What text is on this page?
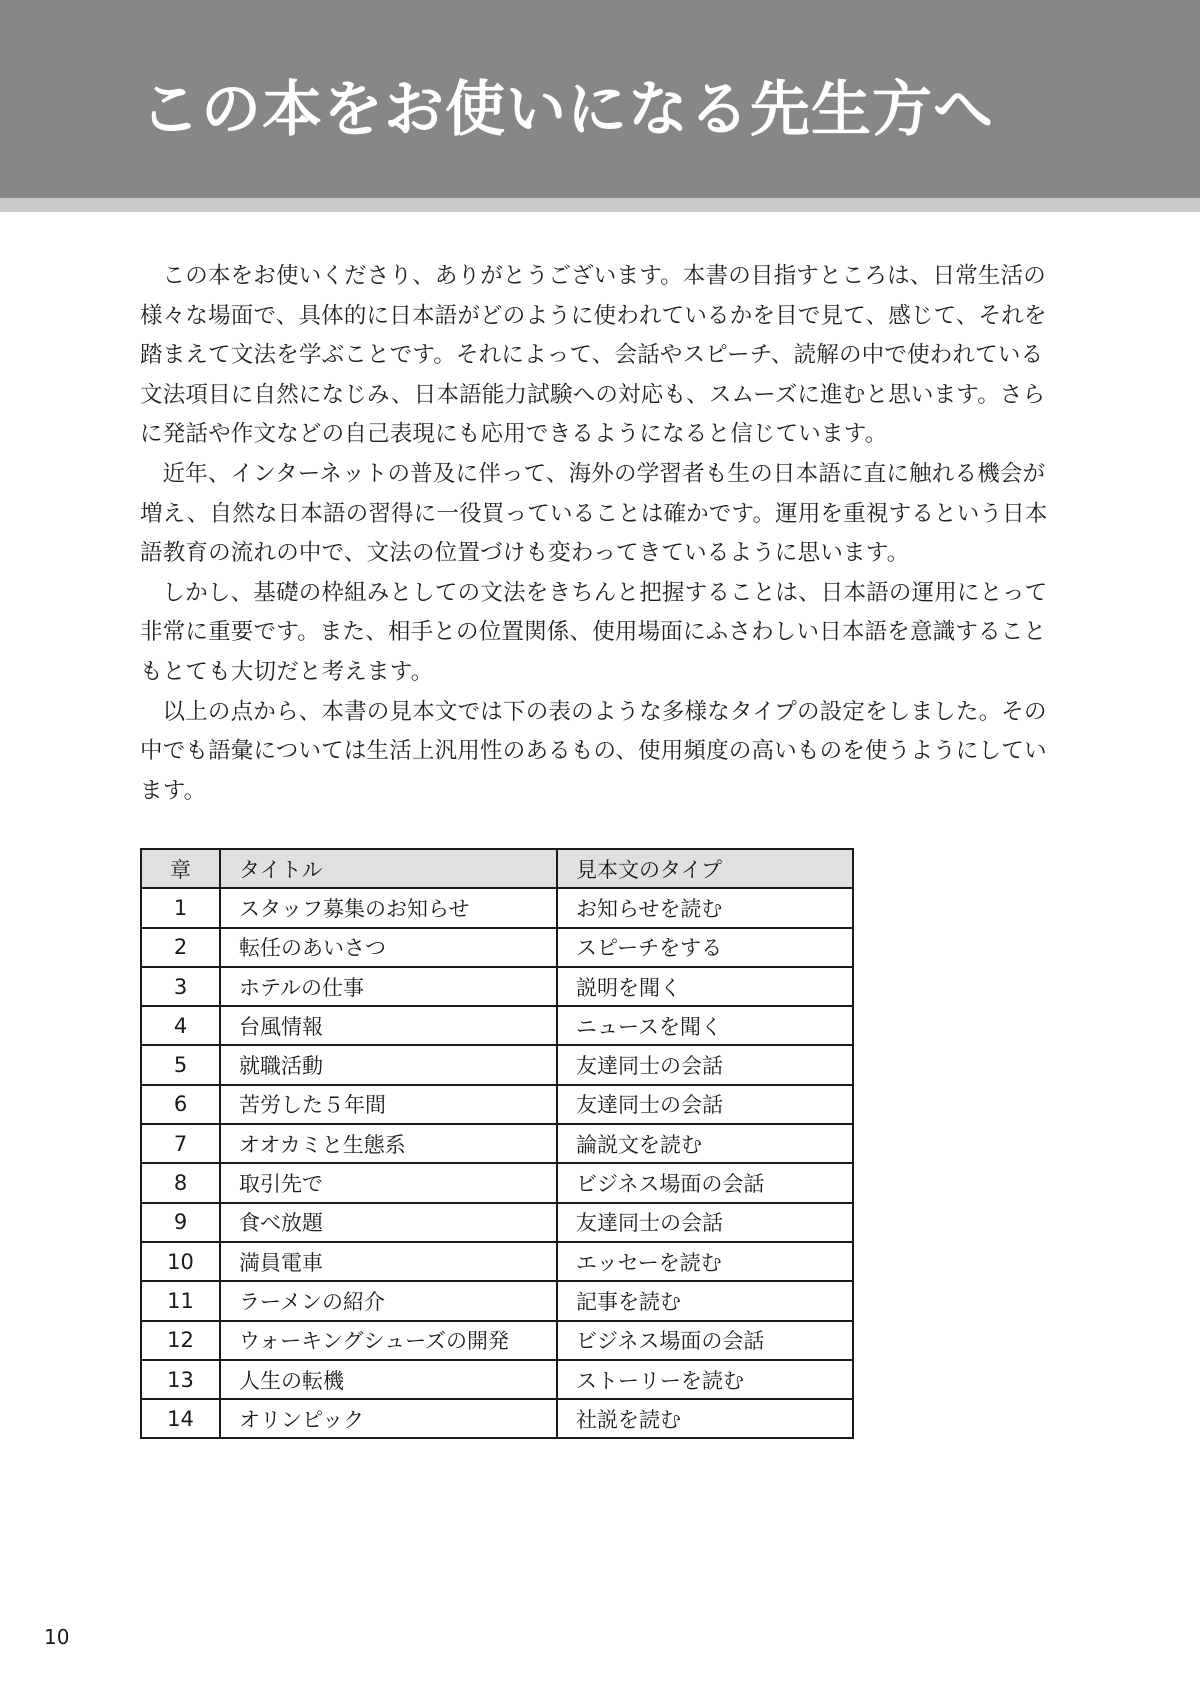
この本をお使いになる先生方へ

この本をお使いくださり、ありがとうございます。本書の目指すところは、日常生活の様々な場面で、具体的に日本語がどのように使われているかを目で見て、感じて、それを踏まえて文法を学ぶことです。それによって、会話やスピーチ、読解の中で使われている文法項目に自然になじみ、日本語能力試験への対応も、スムーズに進むと思います。さらに発話や作文などの自己表現にも応用できるようになると信じています。

近年、インターネットの普及に伴って、海外の学習者も生の日本語に直に触れる機会が増え、自然な日本語の習得に一役買っていることは確かです。運用を重視するという日本語教育の流れの中で、文法の位置づけも変わってきているように思います。

しかし、基礎の枠組みとしての文法をきちんと把握することは、日本語の運用にとって非常に重要です。また、相手との位置関係、使用場面にふさわしい日本語を意識することもとても大切だと考えます。

以上の点から、本書の見本文では下の表のような多様なタイプの設定をしました。その中でも語彙については生活上汎用性のあるもの、使用頻度の高いものを使うようにしています。

章	タイトル	見本文のタイプ
1	スタッフ募集のお知らせ	お知らせを読む
2	転任のあいさつ	スピーチをする
3	ホテルの仕事	説明を聞く
4	台風情報	ニュースを聞く
5	就職活動	友達同士の会話
6	苦労した５年間	友達同士の会話
7	オオカミと生態系	論説文を読む
8	取引先で	ビジネス場面の会話
9	食べ放題	友達同士の会話
10	満員電車	エッセーを読む
11	ラーメンの紹介	記事を読む
12	ウォーキングシューズの開発	ビジネス場面の会話
13	人生の転機	ストーリーを読む
14	オリンピック	社説を読む
10
